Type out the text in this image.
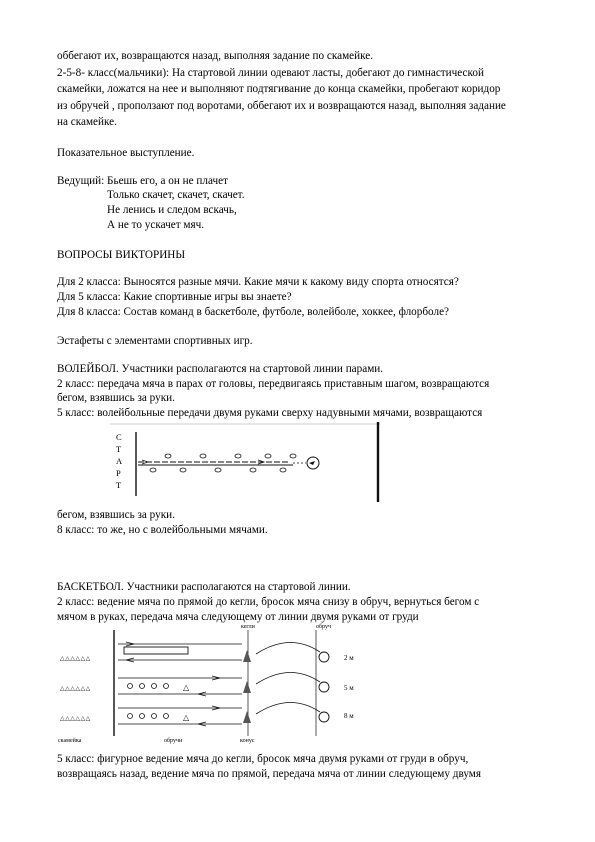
оббегают их, возвращаются назад, выполняя задание по скамейке.
2-5-8- класс(мальчики): На стартовой линии одевают ласты, добегают до гимнастической
скамейки, ложатся на нее и выполняют подтягивание до конца скамейки, пробегают коридор
из обручей , проползают под воротами, оббегают их и возвращаются назад, выполняя задание
на скамейке.
Показательное выступление.
Ведущий: Бьешь его, а он не плачет
Только скачет, скачет, скачет.
Не ленись и следом вскачь,
А не то ускачет мяч.
ВОПРОСЫ ВИКТОРИНЫ
Для 2 класса: Выносятся разные мячи. Какие мячи к какому виду спорта относятся?
Для 5 класса: Какие спортивные игры вы знаете?
Для 8 класса: Состав команд в баскетболе, футболе, волейболе, хоккее, флорболе?
Эстафеты с элементами спортивных игр.
ВОЛЕЙБОЛ. Участники располагаются на стартовой линии парами.
2 класс: передача мяча в парах от головы, передвигаясь приставным шагом, возвращаются
бегом, взявшись за руки.
5 класс: волейбольные передачи двумя руками сверху надувными мячами, возвращаются
С
Т
А
Р
Т
бегом, взявшись за руки.
8 класс: то же, но с волейбольными мячами.
БАСКЕТБОЛ. Участники располагаются на стартовой линии.
2 класс: ведение мяча по прямой до кегли, бросок мяча снизу в обруч, вернуться бегом с
мячом в руках, передача мяча следующему от линии двумя руками от груди
кегли	обруч
скамейка	обручи	конус
2 м
5 м
8 м
△△△△△△
△△△△△△	△
△△△△△△	△
5 класс: фигурное ведение мяча до кегли, бросок мяча двумя руками от груди в обруч,
возвращаясь назад, ведение мяча по прямой, передача мяча от линии следующему двумя
